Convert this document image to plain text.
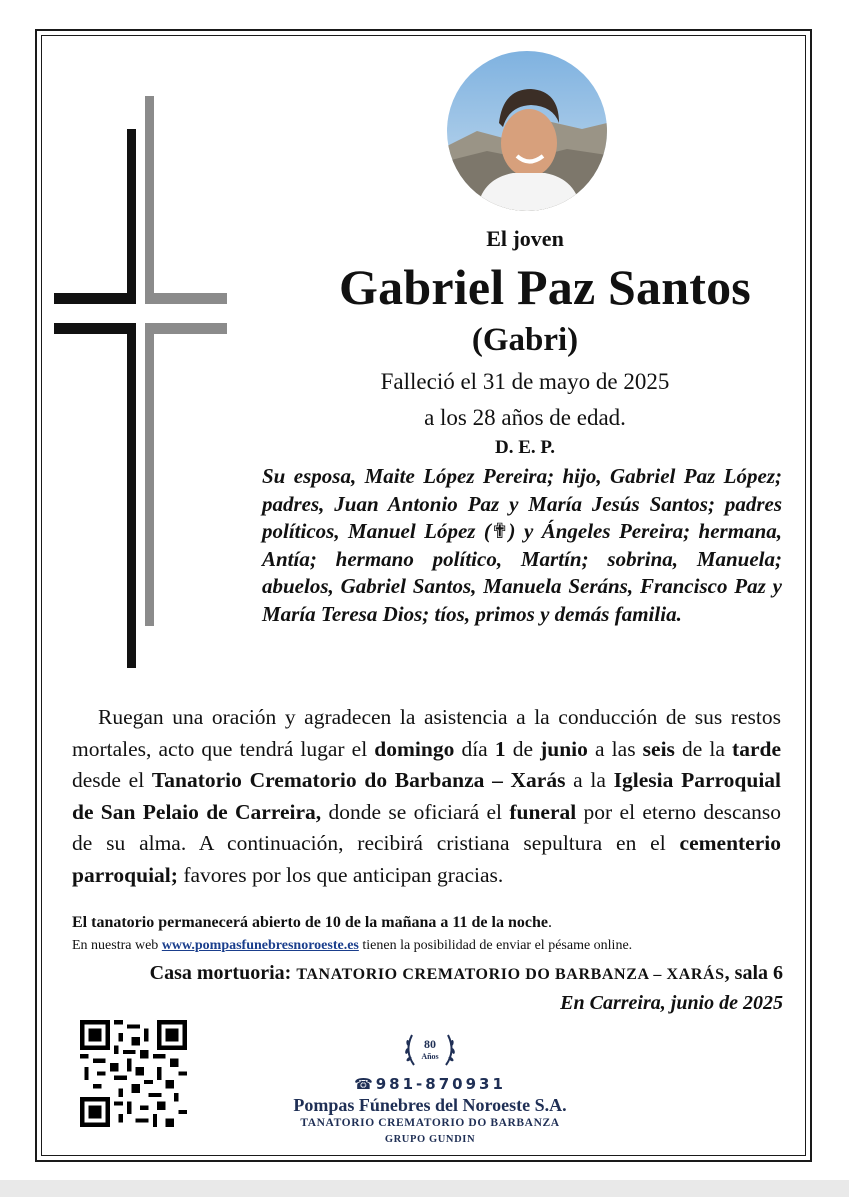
El joven
Gabriel Paz Santos
(Gabri)
Falleció el 31 de mayo de 2025
a los 28 años de edad.
D. E. P.
Su esposa, Maite López Pereira; hijo, Gabriel Paz López; padres, Juan Antonio Paz y María Jesús Santos; padres políticos, Manuel López (✟) y Ángeles Pereira; hermana, Antía; hermano político, Martín; sobrina, Manuela; abuelos, Gabriel Santos, Manuela Seráns, Francisco Paz y María Teresa Dios; tíos, primos y demás familia.
Ruegan una oración y agradecen la asistencia a la conducción de sus restos mortales, acto que tendrá lugar el domingo día 1 de junio a las seis de la tarde desde el Tanatorio Crematorio do Barbanza – Xarás a la Iglesia Parroquial de San Pelaio de Carreira, donde se oficiará el funeral por el eterno descanso de su alma. A continuación, recibirá cristiana sepultura en el cementerio parroquial; favores por los que anticipan gracias.
El tanatorio permanecerá abierto de 10 de la mañana a 11 de la noche.
En nuestra web www.pompasfunebresnoroeste.es tienen la posibilidad de enviar el pésame online.
Casa mortuoria: TANATORIO CREMATORIO DO BARBANZA – XARÁS, sala 6
En Carreira, junio de 2025
80
Años
☎981-870931
Pompas Fúnebres del Noroeste S.A.
TANATORIO CREMATORIO DO BARBANZA
GRUPO GUNDIN
